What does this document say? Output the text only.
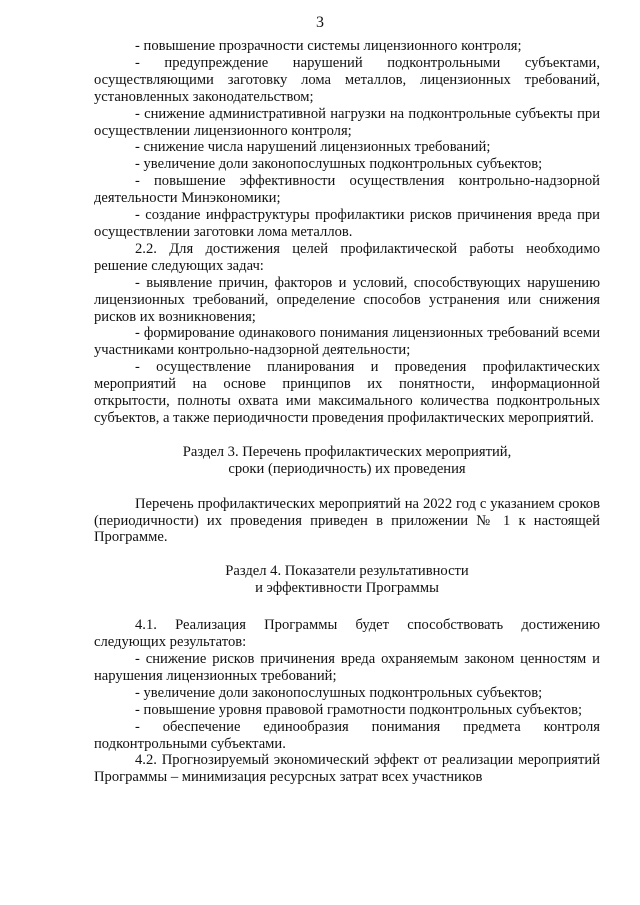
3

- повышение прозрачности системы лицензионного контроля;

- предупреждение нарушений подконтрольными субъектами, осуществляющими заготовку лома металлов, лицензионных требований, установленных законодательством;

- снижение административной нагрузки на подконтрольные субъекты при осуществлении лицензионного контроля;

- снижение числа нарушений лицензионных требований;

- увеличение доли законопослушных подконтрольных субъектов;

- повышение эффективности осуществления контрольно-надзорной деятельности Минэкономики;

- создание инфраструктуры профилактики рисков причинения вреда при осуществлении заготовки лома металлов.

2.2. Для достижения целей профилактической работы необходимо решение следующих задач:

- выявление причин, факторов и условий, способствующих нарушению лицензионных требований, определение способов устранения или снижения рисков их возникновения;

- формирование одинакового понимания лицензионных требований всеми участниками контрольно-надзорной деятельности;

- осуществление планирования и проведения профилактических мероприятий на основе принципов их понятности, информационной открытости, полноты охвата ими максимального количества подконтрольных субъектов, а также периодичности проведения профилактических мероприятий.

Раздел 3. Перечень профилактических мероприятий,

сроки (периодичность) их проведения

Перечень профилактических мероприятий на 2022 год с указанием сроков (периодичности) их проведения приведен в приложении № 1 к настоящей Программе.

Раздел 4. Показатели результативности

и эффективности Программы

4.1. Реализация Программы будет способствовать достижению следующих результатов:

- снижение рисков причинения вреда охраняемым законом ценностям и нарушения лицензионных требований;

- увеличение доли законопослушных подконтрольных субъектов;

- повышение уровня правовой грамотности подконтрольных субъектов;

- обеспечение единообразия понимания предмета контроля подконтрольными субъектами.

4.2. Прогнозируемый экономический эффект от реализации мероприятий Программы – минимизация ресурсных затрат всех участников
